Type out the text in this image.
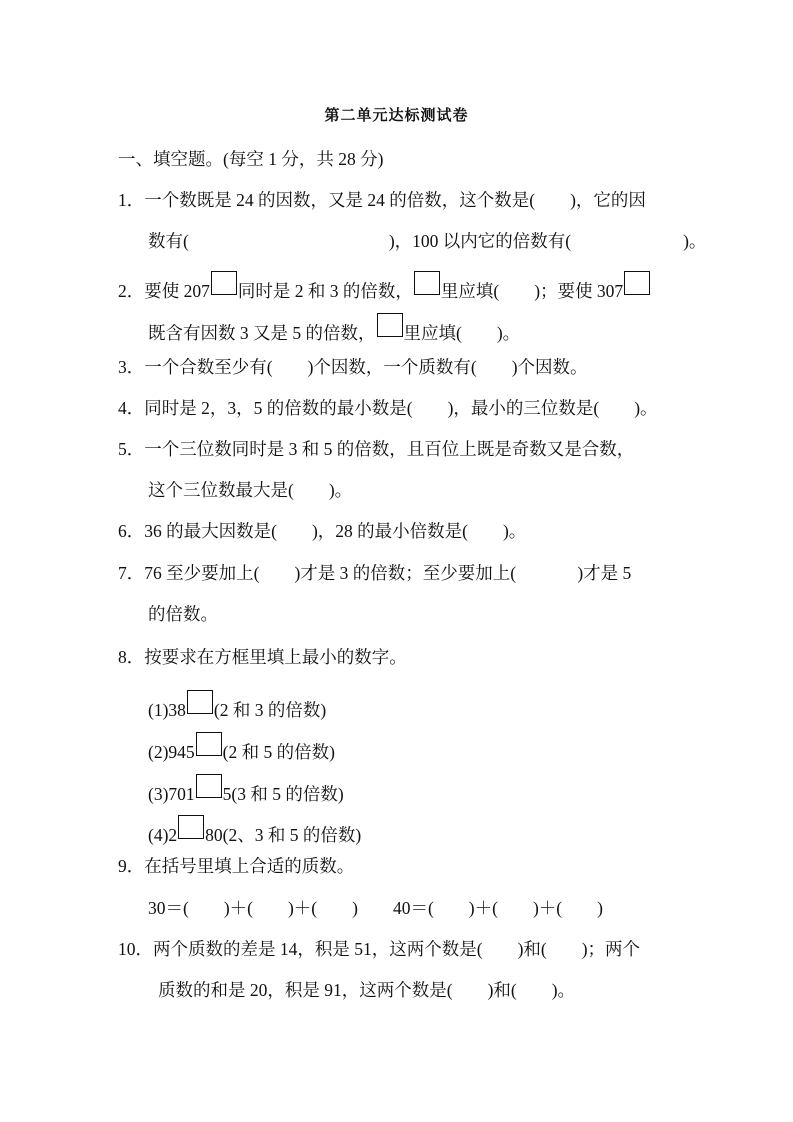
第二单元达标测试卷
一、填空题。(每空 1 分，共 28 分)
1．一个数既是 24 的因数，又是 24 的倍数，这个数是(        )，它的因
数有(	)，100 以内它的倍数有(	)。
2．要使 207 同时是 2 和 3 的倍数， 里应填(        )；要使 307
既含有因数 3 又是 5 的倍数， 里应填(        )。
3．一个合数至少有(        )个因数，一个质数有(        )个因数。
4．同时是 2，3，5 的倍数的最小数是(        )，最小的三位数是(        )。
5．一个三位数同时是 3 和 5 的倍数，且百位上既是奇数又是合数，
这个三位数最大是(        )。
6．36 的最大因数是(        )，28 的最小倍数是(        )。
7．76 至少要加上(        )才是 3 的倍数；至少要加上(              )才是 5
的倍数。
8．按要求在方框里填上最小的数字。
(1)38 (2 和 3 的倍数)
(2)945 (2 和 5 的倍数)
(3)701 5(3 和 5 的倍数)
(4)2 80(2、3 和 5 的倍数)
9．在括号里填上合适的质数。
30＝(        )＋(        )＋(        )        40＝(        )＋(        )＋(        )
10．两个质数的差是 14，积是 51，这两个数是(        )和(        )；两个
质数的和是 20，积是 91，这两个数是(        )和(        )。
